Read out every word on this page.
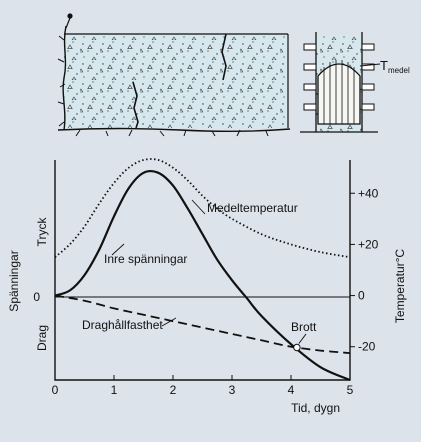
$T_{medel}$
0	1	2	3	4	5
+40
+20
0
-20
Medeltemperatur
Inre spänningar
Draghållfasthet	Brott
Tryck
0
Drag
Spänningar	Temperatur°C
Tid, dygn
